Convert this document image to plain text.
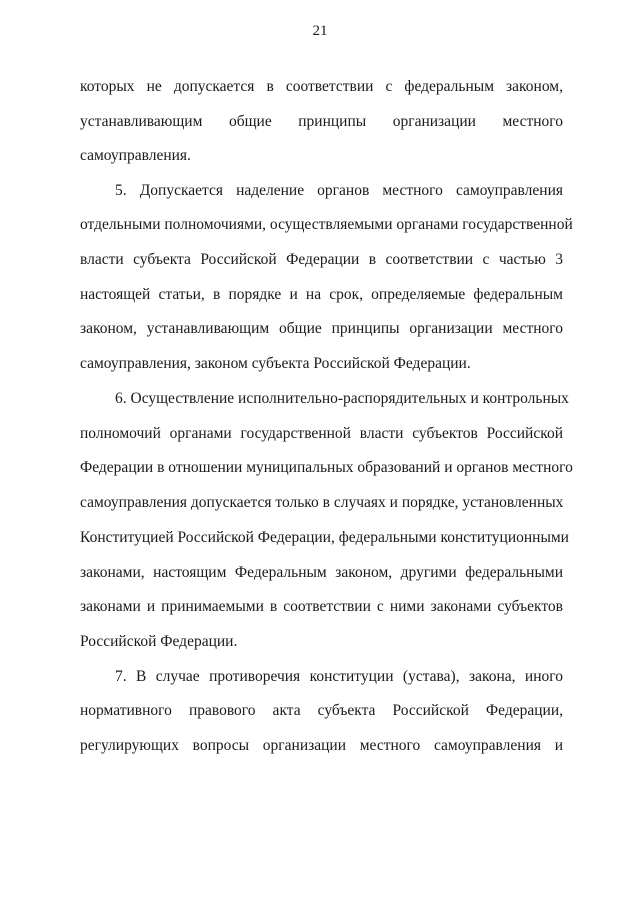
21
которых не допускается в соответствии с федеральным законом,
устанавливающим общие принципы организации местного
самоуправления.
5. Допускается наделение органов местного самоуправления
отдельными полномочиями, осуществляемыми органами государственной
власти субъекта Российской Федерации в соответствии с частью 3
настоящей статьи, в порядке и на срок, определяемые федеральным
законом, устанавливающим общие принципы организации местного
самоуправления, законом субъекта Российской Федерации.
6. Осуществление исполнительно-распорядительных и контрольных
полномочий органами государственной власти субъектов Российской
Федерации в отношении муниципальных образований и органов местного
самоуправления допускается только в случаях и порядке, установленных
Конституцией Российской Федерации, федеральными конституционными
законами, настоящим Федеральным законом, другими федеральными
законами и принимаемыми в соответствии с ними законами субъектов
Российской Федерации.
7. В случае противоречия конституции (устава), закона, иного
нормативного правового акта субъекта Российской Федерации,
регулирующих вопросы организации местного самоуправления и
